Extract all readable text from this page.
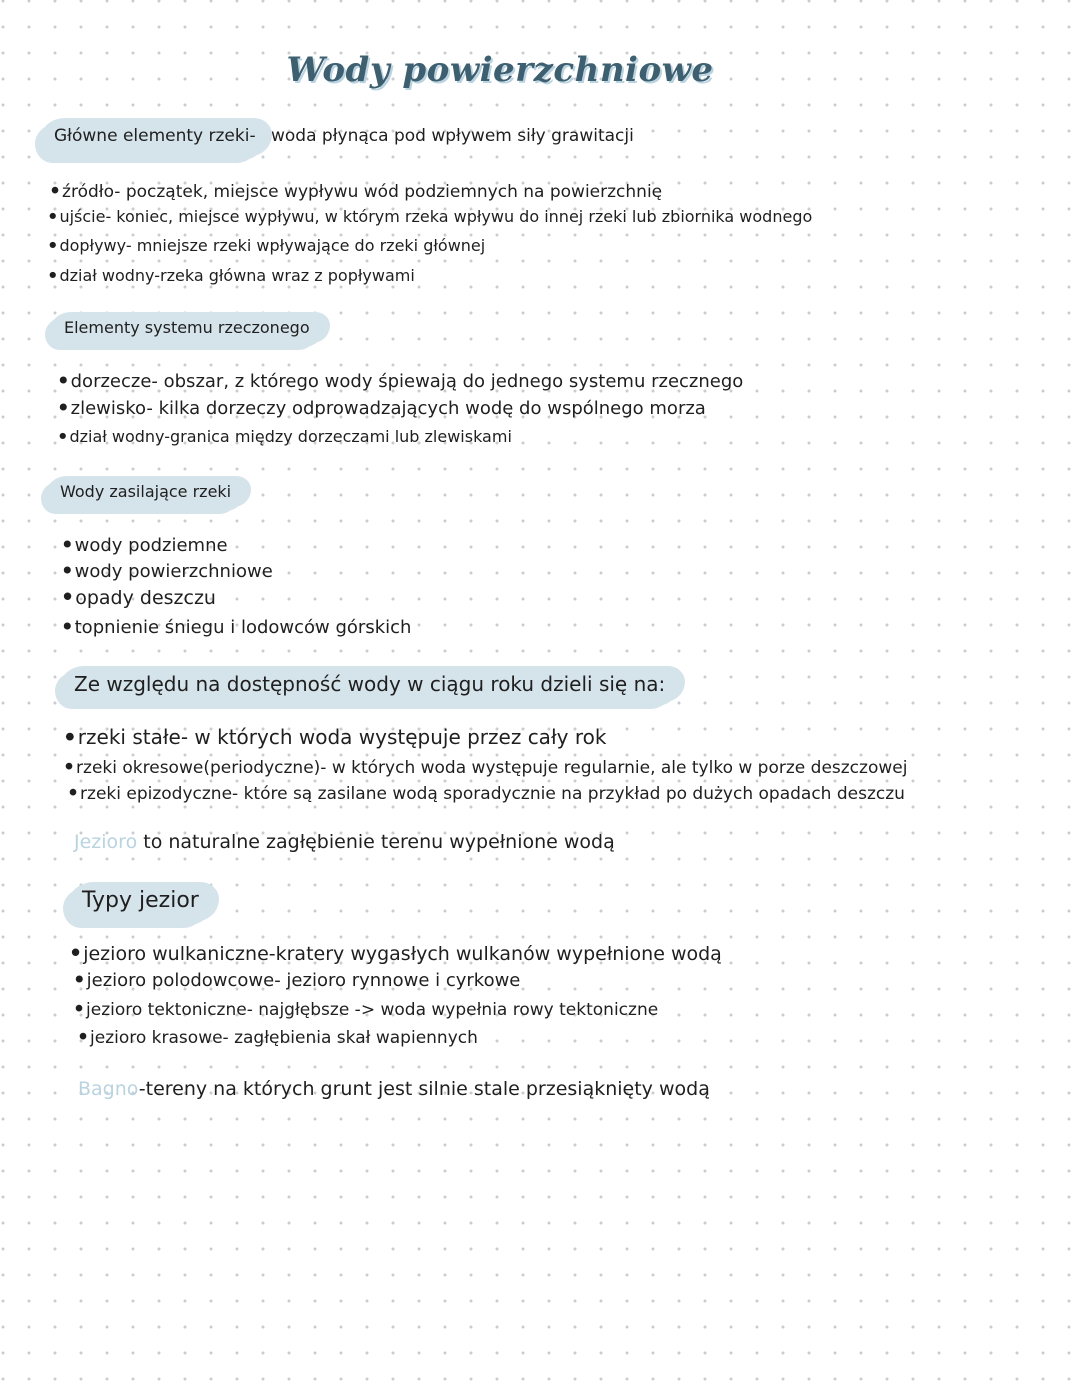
Wody powierzchniowe
Główne elementy rzeki- woda płynąca pod wpływem siły grawitacji

• źródło- początek, miejsce wypływu wód podziemnych na powierzchnię

• ujście- koniec, miejsce wypływu, w którym rzeka wpływu do innej rzeki lub zbiornika wodnego

• dopływy- mniejsze rzeki wpływające do rzeki głównej

• dział wodny-rzeka główna wraz z popływami

Elementy systemu rzeczonego

• dorzecze- obszar, z którego wody śpiewają do jednego systemu rzecznego

• zlewisko- kilka dorzeczy odprowadzających wodę do wspólnego morza

• dział wodny-granica między dorzeczami lub zlewiskami

Wody zasilające rzeki

• wody podziemne

• wody powierzchniowe

• opady deszczu

• topnienie śniegu i lodowców górskich

Ze względu na dostępność wody w ciągu roku dzieli się na:

• rzeki stałe- w których woda występuje przez cały rok

• rzeki okresowe(periodyczne)- w których woda występuje regularnie, ale tylko w porze deszczowej

• rzeki epizodyczne- które są zasilane wodą sporadycznie na przykład po dużych opadach deszczu

Jezioro to naturalne zagłębienie terenu wypełnione wodą

Typy jezior

• jezioro wulkaniczne-kratery wygasłych wulkanów wypełnione wodą

• jezioro polodowcowe- jezioro rynnowe i cyrkowe

• jezioro tektoniczne- najgłębsze -> woda wypełnia rowy tektoniczne

• jezioro krasowe- zagłębienia skał wapiennych

Bagno-tereny na których grunt jest silnie stale przesiąknięty wodą
